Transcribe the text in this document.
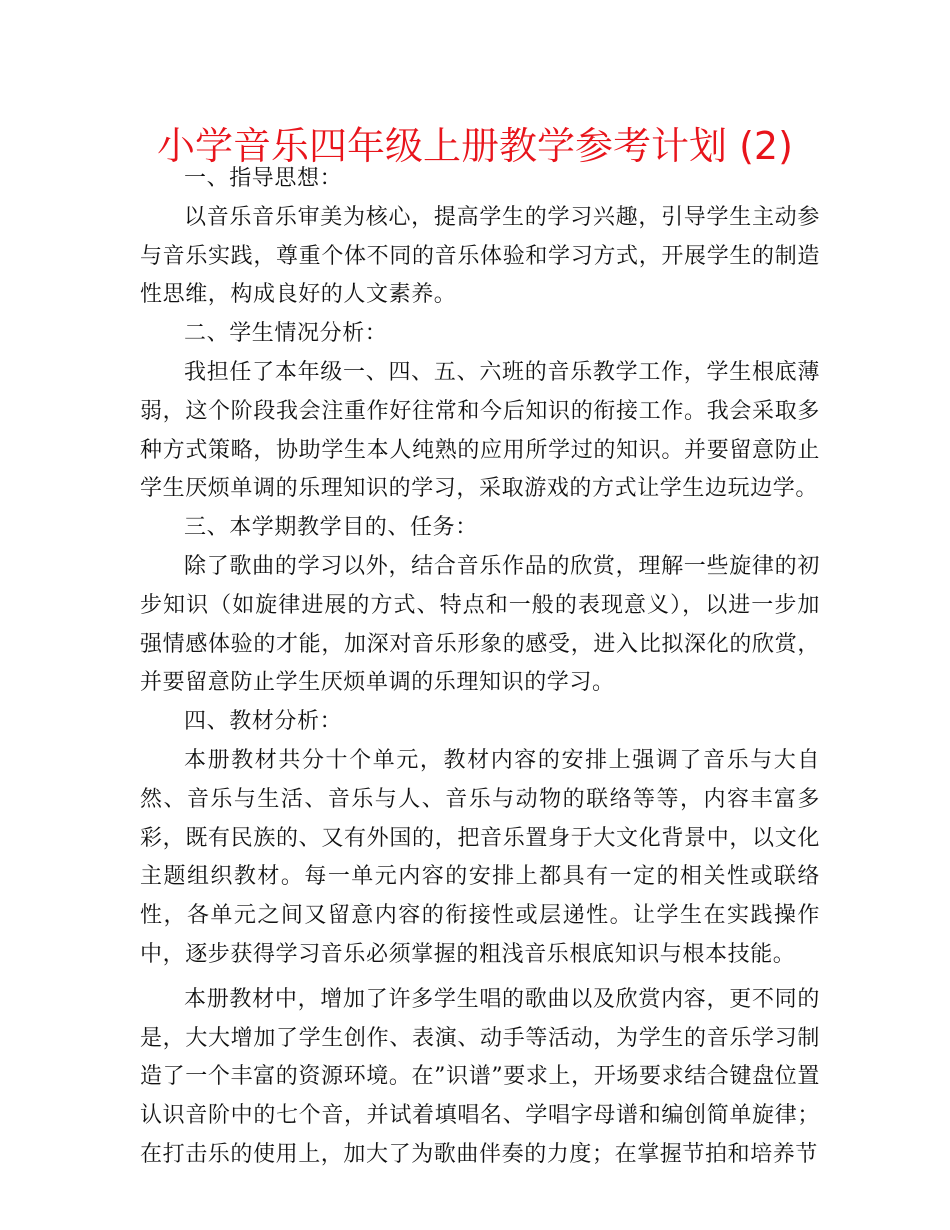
小学音乐四年级上册教学参考计划 (2)

一、指导思想：

以音乐音乐审美为核心，提高学生的学习兴趣，引导学生主动参与音乐实践，尊重个体不同的音乐体验和学习方式，开展学生的制造性思维，构成良好的人文素养。

二、学生情况分析：

我担任了本年级一、四、五、六班的音乐教学工作，学生根底薄弱，这个阶段我会注重作好往常和今后知识的衔接工作。我会采取多种方式策略，协助学生本人纯熟的应用所学过的知识。并要留意防止学生厌烦单调的乐理知识的学习，采取游戏的方式让学生边玩边学。

三、本学期教学目的、任务：

除了歌曲的学习以外，结合音乐作品的欣赏，理解一些旋律的初步知识（如旋律进展的方式、特点和一般的表现意义），以进一步加强情感体验的才能，加深对音乐形象的感受，进入比拟深化的欣赏，并要留意防止学生厌烦单调的乐理知识的学习。

四、教材分析：

本册教材共分十个单元，教材内容的安排上强调了音乐与大自然、音乐与生活、音乐与人、音乐与动物的联络等等，内容丰富多彩，既有民族的、又有外国的，把音乐置身于大文化背景中，以文化主题组织教材。每一单元内容的安排上都具有一定的相关性或联络性，各单元之间又留意内容的衔接性或层递性。让学生在实践操作中，逐步获得学习音乐必须掌握的粗浅音乐根底知识与根本技能。

本册教材中，增加了许多学生唱的歌曲以及欣赏内容，更不同的是，大大增加了学生创作、表演、动手等活动，为学生的音乐学习制造了一个丰富的资源环境。在”识谱”要求上，开场要求结合键盘位置认识音阶中的七个音，并试着填唱名、学唱字母谱和编创简单旋律；在打击乐的使用上，加大了为歌曲伴奏的力度；在掌握节拍和培养节
